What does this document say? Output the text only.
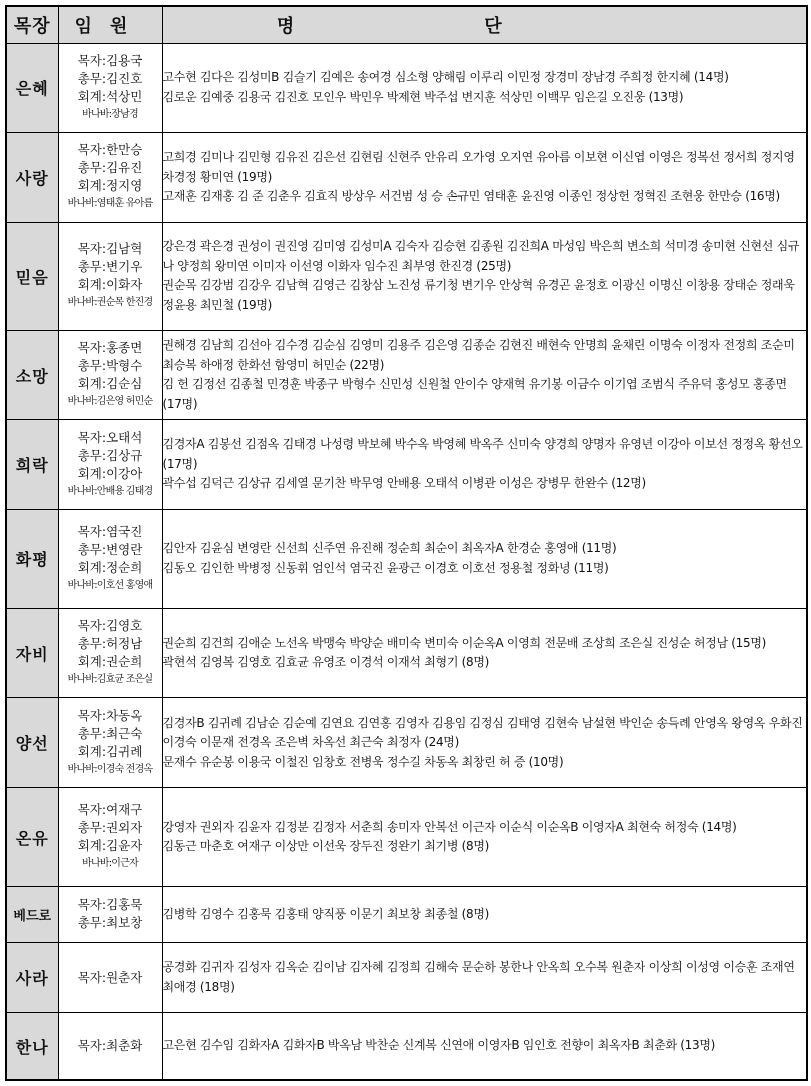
목장	임원	명단
은혜	목자:김용국
총무:김진호
회계:석상민
바나바:장남경	고수현 김다은 김성미B 김슬기 김예은 송여경 심소형 양해림 이루리 이민정 장경미 장남경 주희정 한지혜 (14명)
김로운 김예중 김용국 김진호 모인우 박민우 박제현 박주섭 변지훈 석상민 이백무 임은길 오진웅 (13명)

사랑	목자:한만승
총무:김유진
회계:정지영
바나바:염태훈 유아름	고희경 김미나 김민형 김유진 김은선 김현림 신현주 안유리 오가영 오지연 유아름 이보현 이신엽 이영은 정복선 정서희 정지영 차경정 황미연 (19명)
고재훈 김재홍 김 준 김춘우 김효직 방상우 서건범 성 승 손규민 염태훈 윤진영 이종인 정상헌 정혁진 조현웅 한만승 (16명)

믿음	목자:김남혁
총무:변기우
회계:이화자
바나바:권순목 한진경	강은경 곽은경 권성이 권진영 김미영 김성미A 김숙자 김승현 김종원 김진희A 마성임 박은희 변소희 석미경 송미현 신현선 심규나 양정희 왕미연 이미자 이선영 이화자 임수진 최부영 한진경 (25명)
권순목 김강범 김강우 김남혁 김영근 김창삼 노진성 류기청 변기우 안상혁 유경곤 윤정호 이광신 이명신 이창용 장태순 정래욱 정윤용 최민철 (19명)

소망	목자:홍종면
총무:박형수
회계:김순심
바나바:김은영 허민순	권해경 김남희 김선아 김수경 김순심 김영미 김용주 김은영 김종순 김현진 배현숙 안명희 윤채린 이명숙 이정자 전정희 조순미 최승복 하애정 한화선 함영미 허민순 (22명)
김 헌 김정선 김종철 민경훈 박종구 박형수 신민성 신원철 안이수 양재혁 유기봉 이금수 이기엽 조범식 주유덕 홍성모 홍종면 (17명)

희락	목자:오태석
총무:김상규
회계:이강아
바나바:안배용 김태경	김경자A 김봉선 김점옥 김태경 나성령 박보혜 박수옥 박영혜 박옥주 신미숙 양경희 양명자 유영년 이강아 이보선 정정옥 황선오 (17명)
곽수섭 김덕근 김상규 김세열 문기찬 박무영 안배용 오태석 이병관 이성은 장병무 한완수 (12명)

화평	목자:염국진
총무:변영란
회계:정순희
바나바:이호선 홍영애	김안자 김윤심 변영란 신선희 신주연 유진해 정순희 최순이 최옥자A 한경순 홍영애 (11명)
김동오 김인한 박병정 신동휘 엄인석 염국진 윤광근 이경호 이호선 정용철 정화녕 (11명)

자비	목자:김영호
총무:허정남
회계:권순희
바나바:김효균 조은실	권순희 김건희 김애순 노선옥 박맹숙 박양순 배미숙 변미숙 이순옥A 이영희 전문배 조상희 조은실 진성순 허정남 (15명)
곽현석 김영복 김영호 김효균 유영조 이경석 이재석 최형기 (8명)

양선	목자:차동옥
총무:최근숙
회계:김귀례
바나바:이경숙 전경옥	김경자B 김귀례 김남순 김순예 김연요 김연홍 김영자 김용임 김정심 김태영 김현숙 남설현 박인순 송득례 안영옥 왕영옥 우화진 이경숙 이문재 전경옥 조은벽 차옥선 최근숙 최정자 (24명)
문재수 유순봉 이용국 이철진 임창호 전병욱 정수길 차동옥 최창린 허 증 (10명)

온유	목자:여재구
총무:권외자
회계:김윤자
바나바:이근자	강영자 권외자 김윤자 김정분 김정자 서춘희 송미자 안복선 이근자 이순식 이순옥B 이영자A 최현숙 허정숙 (14명)
김동근 마춘호 여재구 이상만 이선욱 장두진 정완기 최기병 (8명)

베드로	목자:김홍묵
총무:최보창	김병학 김영수 김홍묵 김홍태 양직풍 이문기 최보창 최종철 (8명)

사라	목자:원춘자	공경화 김귀자 김성자 김옥순 김이남 김자혜 김정희 김해숙 문순하 봉한나 안옥희 오수복 원춘자 이상희 이성영 이승훈 조재연 최애경 (18명)

한나	목자:최춘화	고은현 김수임 김화자A 김화자B 박옥남 박찬순 신계복 신연애 이영자B 임인호 전향이 최옥자B 최춘화 (13명)
